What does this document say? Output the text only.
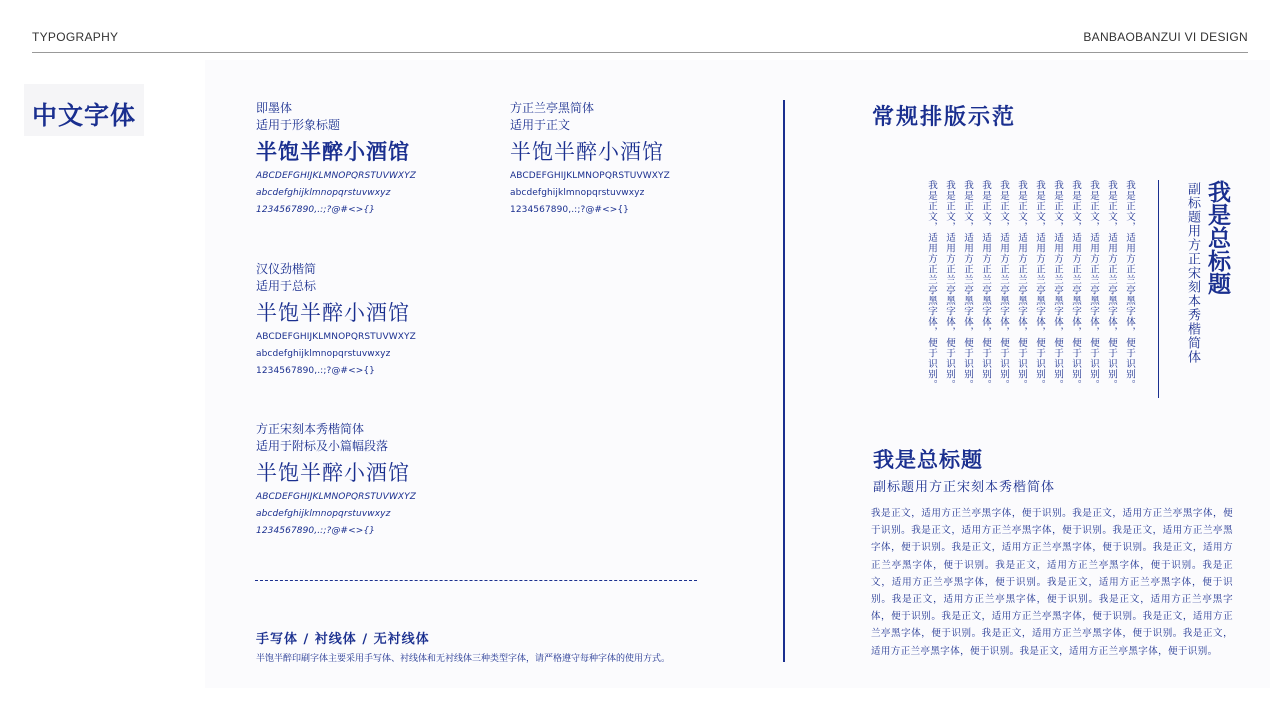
TYPOGRAPHY	BANBAOBANZUI VI DESIGN
中文字体	即墨体
适用于形象标题
半饱半醉小酒馆
ABCDEFGHIJKLMNOPQRSTUVWXYZ
abcdefghijklmnopqrstuvwxyz
1234567890,.:;?@#<>{}
方正兰亭黑简体
适用于正文
半饱半醉小酒馆
ABCDEFGHIJKLMNOPQRSTUVWXYZ
abcdefghijklmnopqrstuvwxyz
1234567890,.:;?@#<>{}
汉仪劲楷简
适用于总标
半饱半醉小酒馆
ABCDEFGHIJKLMNOPQRSTUVWXYZ
abcdefghijklmnopqrstuvwxyz
1234567890,.:;?@#<>{}
方正宋刻本秀楷简体
适用于附标及小篇幅段落
半饱半醉小酒馆
ABCDEFGHIJKLMNOPQRSTUVWXYZ
abcdefghijklmnopqrstuvwxyz
1234567890,.:;?@#<>{}
手写体 / 衬线体 / 无衬线体
半饱半醉印刷字体主要采用手写体、衬线体和无衬线体三种类型字体，请严格遵守每种字体的使用方式。
常规排版示范
我是正文，适用方正兰亭黑字体，便于识别。我是正文，适用方正兰亭黑字体，便于识别。我是正文，适用方正兰亭黑字体，便于识别。我是正文，适用方正兰亭黑字体，便于识别。我是正文，适用方正兰亭黑字体，便于识别。我是正文，适用方正兰亭黑字体，便于识别。我是正文，适用方正兰亭黑字体，便于识别。我是正文，适用方正兰亭黑字体，便于识别。我是正文，适用方正兰亭黑字体，便于识别。我是正文，适用方正兰亭黑字体，便于识别。我是正文，适用方正兰亭黑字体，便于识别。我是正文，适用方正兰亭黑字体，便于识别。	我是总标题
副标题用方正宋刻本秀楷简体
我是总标题
副标题用方正宋刻本秀楷简体
我是正文，适用方正兰亭黑字体，便于识别。我是正文，适用方正兰亭黑字体，便于识别。我是正文，适用方正兰亭黑字体，便于识别。我是正文，适用方正兰亭黑字体，便于识别。我是正文，适用方正兰亭黑字体，便于识别。我是正文，适用方正兰亭黑字体，便于识别。我是正文，适用方正兰亭黑字体，便于识别。我是正文，适用方正兰亭黑字体，便于识别。我是正文，适用方正兰亭黑字体，便于识别。我是正文，适用方正兰亭黑字体，便于识别。我是正文，适用方正兰亭黑字体，便于识别。我是正文，适用方正兰亭黑字体，便于识别。我是正文，适用方正兰亭黑字体，便于识别。我是正文，适用方正兰亭黑字体，便于识别。我是正文，适用方正兰亭黑字体，便于识别。我是正文，适用方正兰亭黑字体，便于识别。
